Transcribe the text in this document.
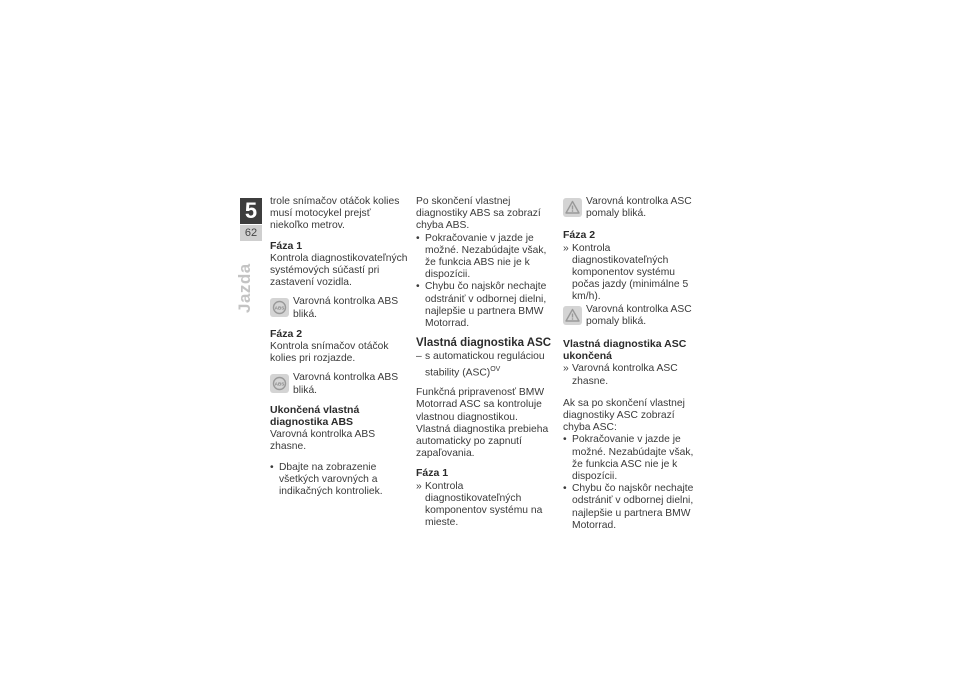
5
62
Jazda

trole snímačov otáčok kolies musí motocykel prejsť niekoľko metrov.

Fáza 1

Kontrola diagnostikovateľných systémových súčastí pri zastavení vozidla.

ABS
Varovná kontrolka ABS bliká.

Fáza 2

Kontrola snímačov otáčok kolies pri rozjazde.

ABS
Varovná kontrolka ABS bliká.

Ukončená vlastná diagnostika ABS

Varovná kontrolka ABS zhasne.

• Dbajte na zobrazenie všetkých varovných a indikačných kontroliek.

Po skončení vlastnej diagnostiky ABS sa zobrazí chyba ABS.

• Pokračovanie v jazde je možné. Nezabúdajte však, že funkcia ABS nie je k dispozícii.
• Chybu čo najskôr nechajte odstrániť v odbornej dielni, najlepšie u partnera BMW Motorrad.

Vlastná diagnostika ASC

– s automatickou reguláciou stability (ASC)$^{OV}$

Funkčná pripravenosť BMW Motorrad ASC sa kontroluje vlastnou diagnostikou. Vlastná diagnostika prebieha automaticky po zapnutí zapaľovania.

Fáza 1

» Kontrola diagnostikovateľných komponentov systému na mieste.
Varovná kontrolka ASC pomaly bliká.

Fáza 2

» Kontrola diagnostikovateľných komponentov systému počas jazdy (minimálne 5 km/h).
Varovná kontrolka ASC pomaly bliká.

Vlastná diagnostika ASC ukončená

» Varovná kontrolka ASC zhasne.

Ak sa po skončení vlastnej diagnostiky ASC zobrazí chyba ASC:

• Pokračovanie v jazde je možné. Nezabúdajte však, že funkcia ASC nie je k dispozícii.
• Chybu čo najskôr nechajte odstrániť v odbornej dielni, najlepšie u partnera BMW Motorrad.
